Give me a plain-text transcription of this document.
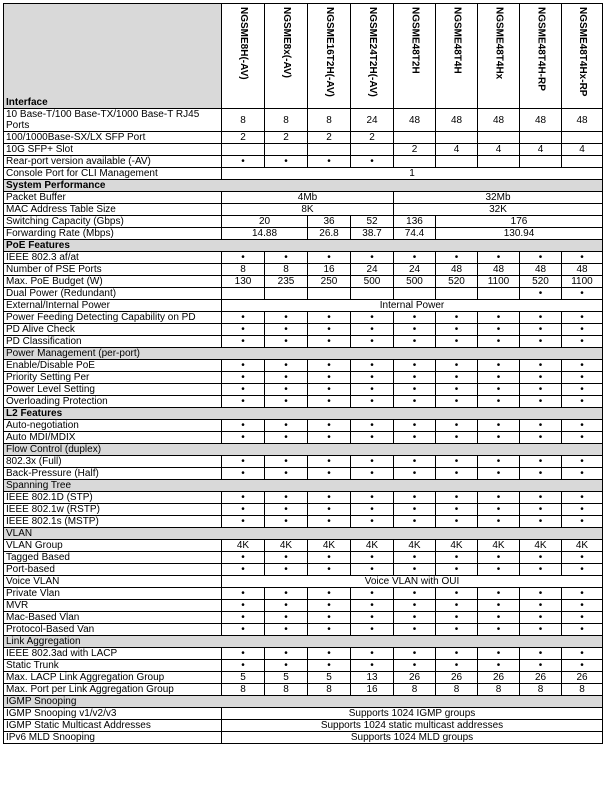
Interface	NGSME8H(-AV)	NGSME8x(-AV)	NGSME16T2H(-AV)	NGSME24T2H(-AV)	NGSME48T2H	NGSME48T4H	NGSME48T4Hx	NGSME48T4H-RP	NGSME48T4Hx-RP

10 Base-T/100 Base-TX/1000 Base-T RJ45 Ports	8	8	8	24	48	48	48	48	48
100/1000Base-SX/LX SFP Port	2	2	2	2					
10G SFP+ Slot					2	4	4	4	4
Rear-port version available (-AV)	•	•	•	•					
Console Port for CLI Management	1								
System Performance									
Packet Buffer	4Mb				32Mb				
MAC Address Table Size	8K				32K				
Switching Capacity (Gbps)	20		36	52	136	176			
Forwarding Rate (Mbps)	14.88		26.8	38.7	74.4	130.94			
PoE Features									
IEEE 802.3 af/at	•	•	•	•	•	•	•	•	•
Number of PSE Ports	8	8	16	24	24	48	48	48	48
Max. PoE Budget (W)	130	235	250	500	500	520	1100	520	1100
Dual Power (Redundant)								•	•
External/Internal Power	Internal Power								
Power Feeding Detecting Capability on PD	•	•	•	•	•	•	•	•	•
PD Alive Check	•	•	•	•	•	•	•	•	•
PD Classification	•	•	•	•	•	•	•	•	•
Power Management (per-port)									
Enable/Disable PoE	•	•	•	•	•	•	•	•	•
Priority Setting Per	•	•	•	•	•	•	•	•	•
Power Level Setting	•	•	•	•	•	•	•	•	•
Overloading Protection	•	•	•	•	•	•	•	•	•
L2 Features									
Auto-negotiation	•	•	•	•	•	•	•	•	•
Auto MDI/MDIX	•	•	•	•	•	•	•	•	•
Flow Control (duplex)									
802.3x (Full)	•	•	•	•	•	•	•	•	•
Back-Pressure (Half)	•	•	•	•	•	•	•	•	•
Spanning Tree									
IEEE 802.1D (STP)	•	•	•	•	•	•	•	•	•
IEEE 802.1w (RSTP)	•	•	•	•	•	•	•	•	•
IEEE 802.1s (MSTP)	•	•	•	•	•	•	•	•	•
VLAN									
VLAN Group	4K	4K	4K	4K	4K	4K	4K	4K	4K
Tagged Based	•	•	•	•	•	•	•	•	•
Port-based	•	•	•	•	•	•	•	•	•
Voice VLAN	Voice VLAN with OUI								
Private Vlan	•	•	•	•	•	•	•	•	•
MVR	•	•	•	•	•	•	•	•	•
Mac-Based Vlan	•	•	•	•	•	•	•	•	•
Protocol-Based Van	•	•	•	•	•	•	•	•	•
Link Aggregation									
IEEE 802.3ad with LACP	•	•	•	•	•	•	•	•	•
Static Trunk	•	•	•	•	•	•	•	•	•
Max. LACP Link Aggregation Group	5	5	5	13	26	26	26	26	26
Max. Port per Link Aggregation Group	8	8	8	16	8	8	8	8	8
IGMP Snooping									
IGMP Snooping v1/v2/v3	Supports 1024 IGMP groups								
IGMP Static Multicast Addresses	Supports 1024 static multicast addresses								
IPv6 MLD Snooping	Supports 1024 MLD groups								
